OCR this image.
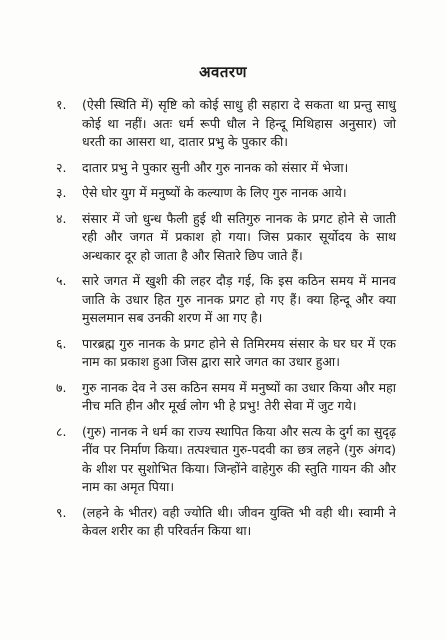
अवतरण
१.	(ऐसी स्थिति में) सृष्टि को कोई साधु ही सहारा दे सकता था प्रन्तु साधु कोई था नहीं। अतः धर्म रूपी धौल ने हिन्दू मिथिहास अनुसार) जो धरती का आसरा था, दातार प्रभु के पुकार की।
२.	दातार प्रभु ने पुकार सुनी और गुरु नानक को संसार में भेजा।
३.	ऐसे घोर युग में मनुष्यों के कल्याण के लिए गुरु नानक आये।
४.	संसार में जो धुन्ध फैली हुई थी सतिगुरु नानक के प्रगट होने से जाती रही और जगत में प्रकाश हो गया। जिस प्रकार सूर्योदय के साथ अन्धकार दूर हो जाता है और सितारे छिप जाते हैं।
५.	सारे जगत में खुशी की लहर दौड़ गई, कि इस कठिन समय में मानव जाति के उधार हित गुरु नानक प्रगट हो गए हैं। क्या हिन्दू और क्या मुसलमान सब उनकी शरण में आ गए है।
६.	पारब्रह्म गुरु नानक के प्रगट होने से तिमिरमय संसार के घर घर में एक नाम का प्रकाश हुआ जिस द्वारा सारे जगत का उधार हुआ।
७.	गुरु नानक देव ने उस कठिन समय में मनुष्यों का उधार किया और महा नीच मति हीन और मूर्ख लोग भी हे प्रभु! तेरी सेवा में जुट गये।
८.	(गुरु) नानक ने धर्म का राज्य स्थापित किया और सत्य के दुर्ग का सुदृढ़ नींव पर निर्माण किया। तत्पश्चात गुरु-पदवी का छत्र लहने (गुरु अंगद) के शीश पर सुशोभित किया। जिन्होंने वाहेगुरु की स्तुति गायन की और नाम का अमृत पिया।
९.	(लहने के भीतर) वही ज्योति थी। जीवन युक्ति भी वही थी। स्वामी ने केवल शरीर का ही परिवर्तन किया था।
